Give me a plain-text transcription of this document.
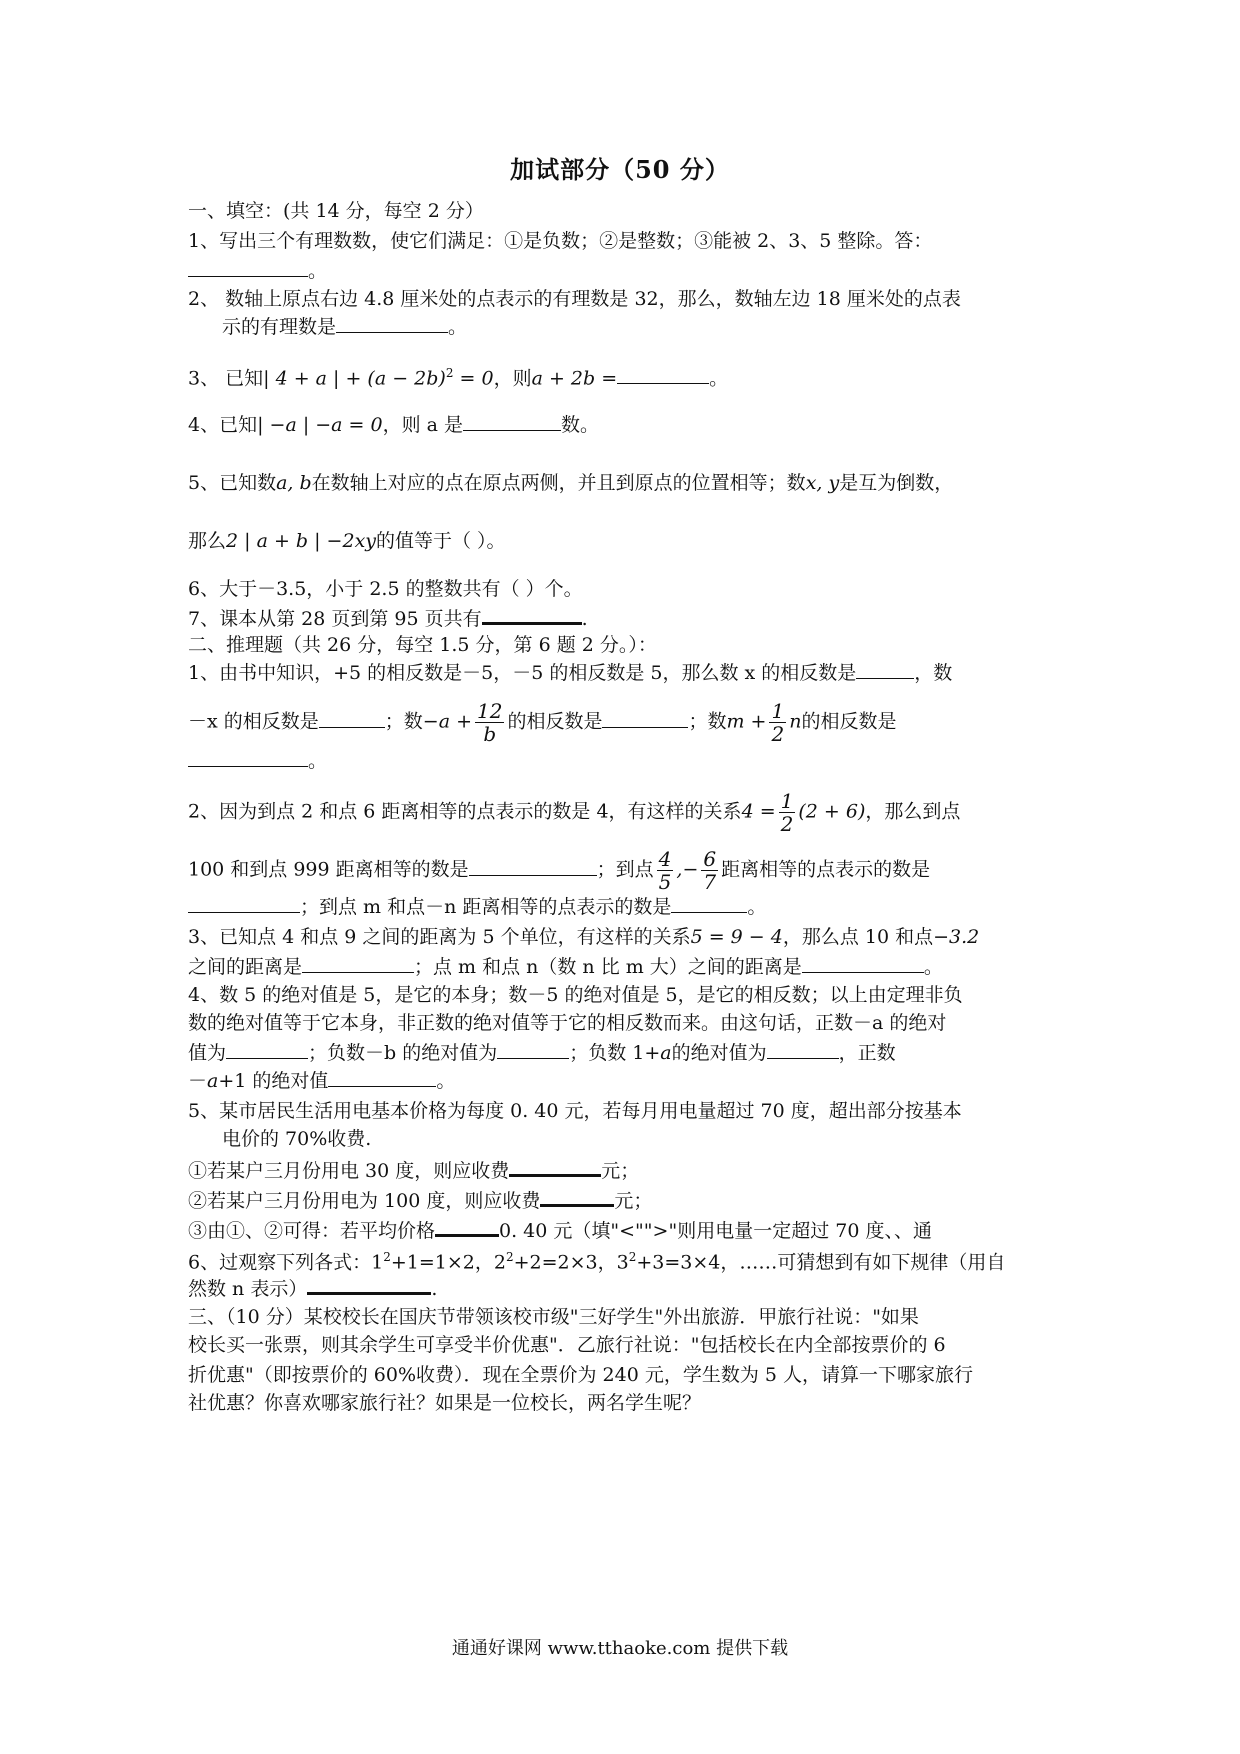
加试部分（50 分）
一、填空：(共 14 分，每空 2 分）
1、写出三个有理数数，使它们满足：①是负数；②是整数；③能被 2、3、5 整除。答：
。
2、 数轴上原点右边 4.8 厘米处的点表示的有理数是 32，那么，数轴左边 18 厘米处的点表
示的有理数是	。
3、 已知| 4 + a | + $(a - 2b)^2 = 0$，则a + 2b =	。
4、已知| −a | −a = 0，则 a 是	数。
5、已知数a, b在数轴上对应的点在原点两侧，并且到原点的位置相等；数x, y是互为倒数，
那么2 | a + b | −2xy的值等于（ ）。
6、大于－3.5，小于 2.5 的整数共有（ ）个。
7、课本从第 28 页到第 95 页共有	.
二、推理题（共 26 分，每空 1.5 分，第 6 题 2 分。）：
1、由书中知识，+5 的相反数是－5，－5 的相反数是 5，那么数 x 的相反数是	，数
－x 的相反数是	；数$-a + \frac{12}{b}$ 的相反数是	；数$m + \frac{1}{2}$ n的相反数是
。
2、因为到点 2 和点 6 距离相等的点表示的数是 4，有这样的关系$4 = \frac{1}{2} (2 + 6)$，那么到点
100 和到点 999 距离相等的数是	；到点 $\frac{4}{5}$ ,− $\frac{6}{7}$ 距离相等的点表示的数是
；到点 m 和点－n 距离相等的点表示的数是	。
3、已知点 4 和点 9 之间的距离为 5 个单位，有这样的关系5 = 9 − 4，那么点 10 和点−3.2
之间的距离是	；点 m 和点 n（数 n 比 m 大）之间的距离是	。
4、数 5 的绝对值是 5，是它的本身；数－5 的绝对值是 5，是它的相反数；以上由定理非负
数的绝对值等于它本身，非正数的绝对值等于它的相反数而来。由这句话，正数－a 的绝对
值为	；负数－b 的绝对值为	；负数 1+a的绝对值为	，正数
－a+1 的绝对值	。
5、某市居民生活用电基本价格为每度 0. 40 元，若每月用电量超过 70 度，超出部分按基本
电价的 70%收费.
①若某户三月份用电 30 度，则应收费	元；
②若某户三月份用电为 100 度，则应收费	元；
③由①、②可得：若平均价格	0. 40 元（填"<"">"则用电量一定超过 70 度、、通
6、过观察下列各式：$1^2+1=1\times 2$，$2^2+2=2\times 3$，$3^2+3=3\times 4$，……可猜想到有如下规律（用自
然数 n 表示）	.
三、（10 分）某校校长在国庆节带领该校市级"三好学生"外出旅游．甲旅行社说："如果
校长买一张票，则其余学生可享受半价优惠"．乙旅行社说："包括校长在内全部按票价的 6
折优惠"（即按票价的 60%收费）．现在全票价为 240 元，学生数为 5 人，请算一下哪家旅行
社优惠？你喜欢哪家旅行社？如果是一位校长，两名学生呢？
通通好课网 www.tthaoke.com 提供下载
